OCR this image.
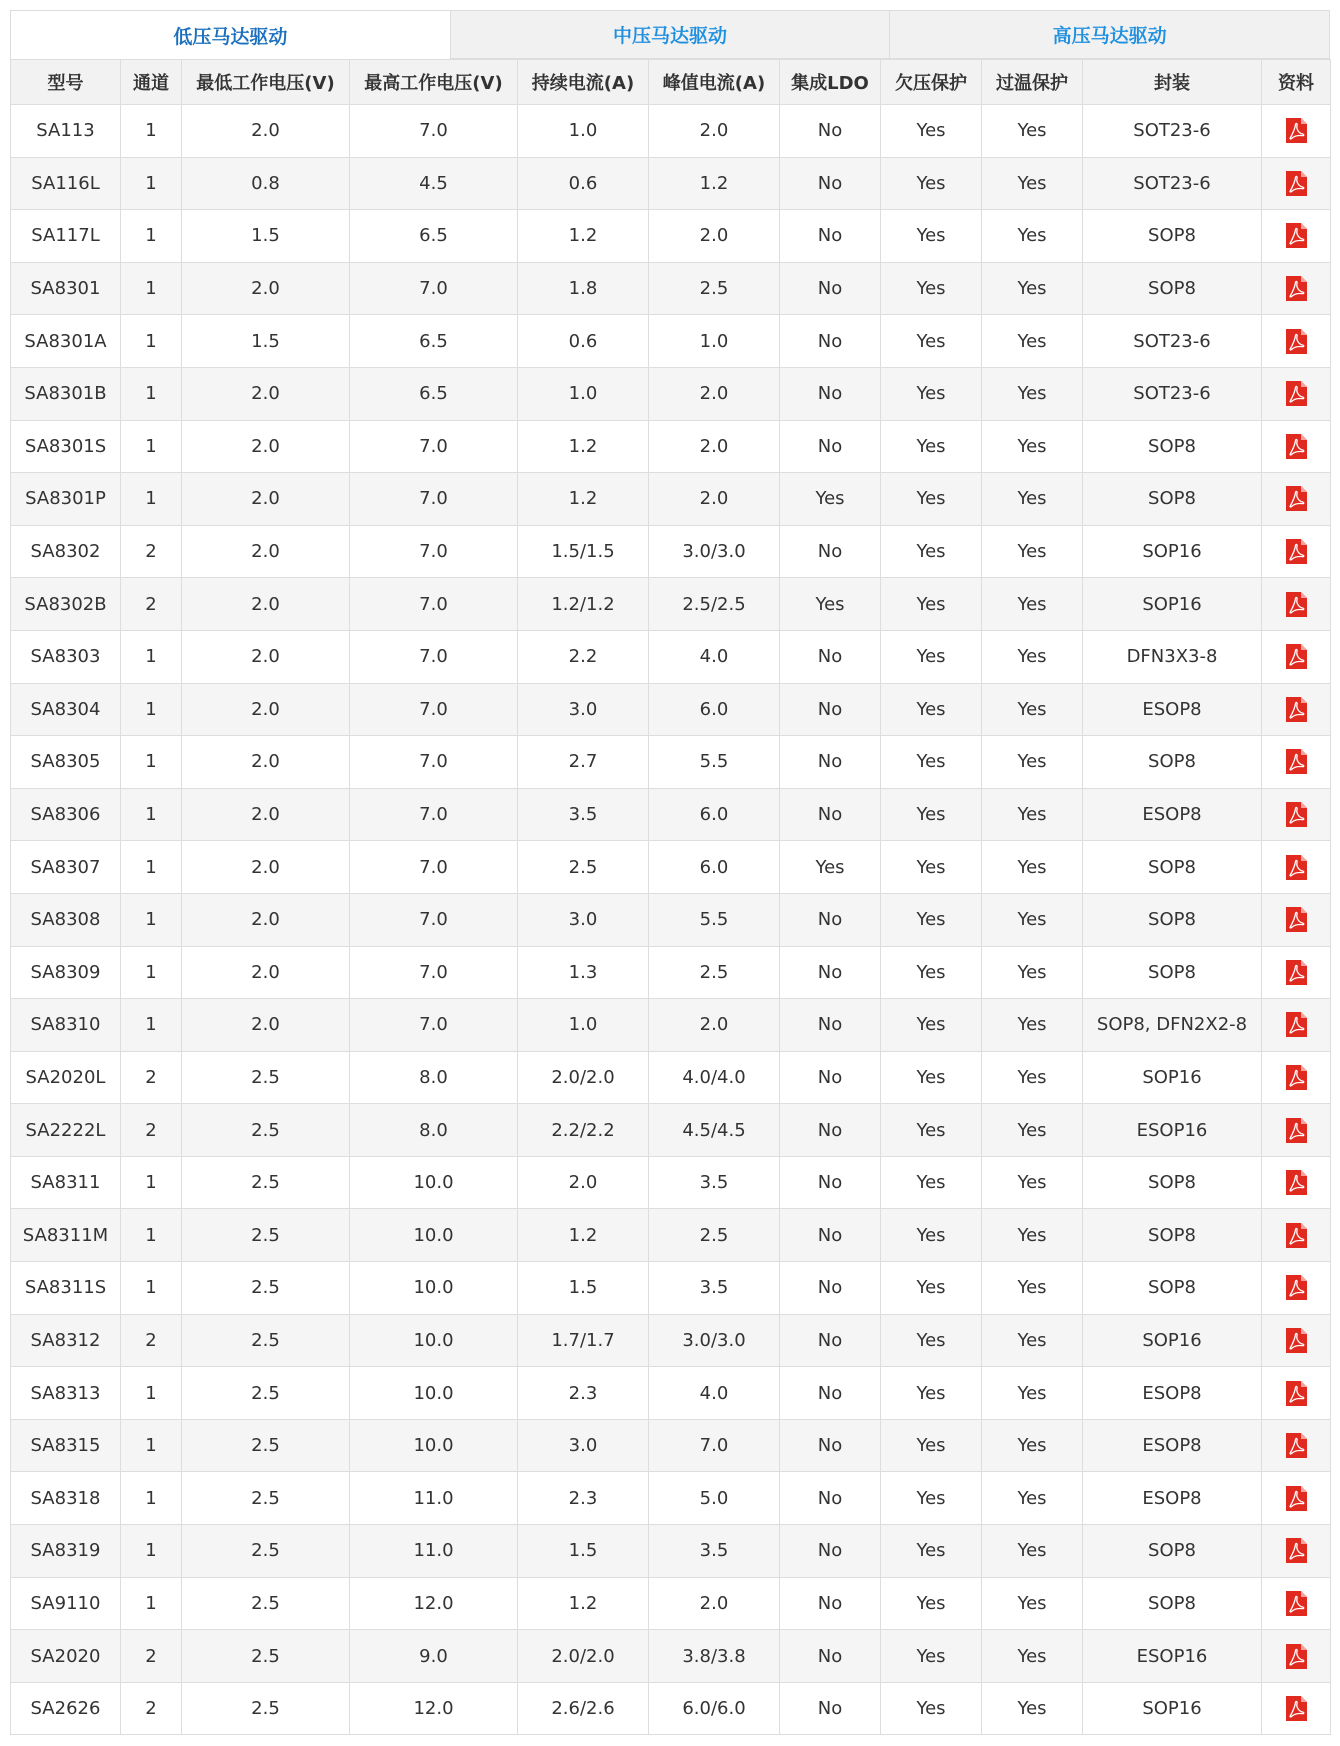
低压马达驱动	中压马达驱动	高压马达驱动
型号	通道	最低工作电压(V)	最高工作电压(V)	持续电流(A)	峰值电流(A)	集成LDO	欠压保护	过温保护	封装	资料
SA113	1	2.0	7.0	1.0	2.0	No	Yes	Yes	SOT23-6	

SA116L	1	0.8	4.5	0.6	1.2	No	Yes	Yes	SOT23-6	

SA117L	1	1.5	6.5	1.2	2.0	No	Yes	Yes	SOP8	

SA8301	1	2.0	7.0	1.8	2.5	No	Yes	Yes	SOP8	

SA8301A	1	1.5	6.5	0.6	1.0	No	Yes	Yes	SOT23-6	

SA8301B	1	2.0	6.5	1.0	2.0	No	Yes	Yes	SOT23-6	

SA8301S	1	2.0	7.0	1.2	2.0	No	Yes	Yes	SOP8	

SA8301P	1	2.0	7.0	1.2	2.0	Yes	Yes	Yes	SOP8	

SA8302	2	2.0	7.0	1.5/1.5	3.0/3.0	No	Yes	Yes	SOP16	

SA8302B	2	2.0	7.0	1.2/1.2	2.5/2.5	Yes	Yes	Yes	SOP16	

SA8303	1	2.0	7.0	2.2	4.0	No	Yes	Yes	DFN3X3-8	

SA8304	1	2.0	7.0	3.0	6.0	No	Yes	Yes	ESOP8	

SA8305	1	2.0	7.0	2.7	5.5	No	Yes	Yes	SOP8	

SA8306	1	2.0	7.0	3.5	6.0	No	Yes	Yes	ESOP8	

SA8307	1	2.0	7.0	2.5	6.0	Yes	Yes	Yes	SOP8	

SA8308	1	2.0	7.0	3.0	5.5	No	Yes	Yes	SOP8	

SA8309	1	2.0	7.0	1.3	2.5	No	Yes	Yes	SOP8	

SA8310	1	2.0	7.0	1.0	2.0	No	Yes	Yes	SOP8, DFN2X2-8	

SA2020L	2	2.5	8.0	2.0/2.0	4.0/4.0	No	Yes	Yes	SOP16	

SA2222L	2	2.5	8.0	2.2/2.2	4.5/4.5	No	Yes	Yes	ESOP16	

SA8311	1	2.5	10.0	2.0	3.5	No	Yes	Yes	SOP8	

SA8311M	1	2.5	10.0	1.2	2.5	No	Yes	Yes	SOP8	

SA8311S	1	2.5	10.0	1.5	3.5	No	Yes	Yes	SOP8	

SA8312	2	2.5	10.0	1.7/1.7	3.0/3.0	No	Yes	Yes	SOP16	

SA8313	1	2.5	10.0	2.3	4.0	No	Yes	Yes	ESOP8	

SA8315	1	2.5	10.0	3.0	7.0	No	Yes	Yes	ESOP8	

SA8318	1	2.5	11.0	2.3	5.0	No	Yes	Yes	ESOP8	

SA8319	1	2.5	11.0	1.5	3.5	No	Yes	Yes	SOP8	

SA9110	1	2.5	12.0	1.2	2.0	No	Yes	Yes	SOP8	

SA2020	2	2.5	9.0	2.0/2.0	3.8/3.8	No	Yes	Yes	ESOP16	

SA2626	2	2.5	12.0	2.6/2.6	6.0/6.0	No	Yes	Yes	SOP16	
